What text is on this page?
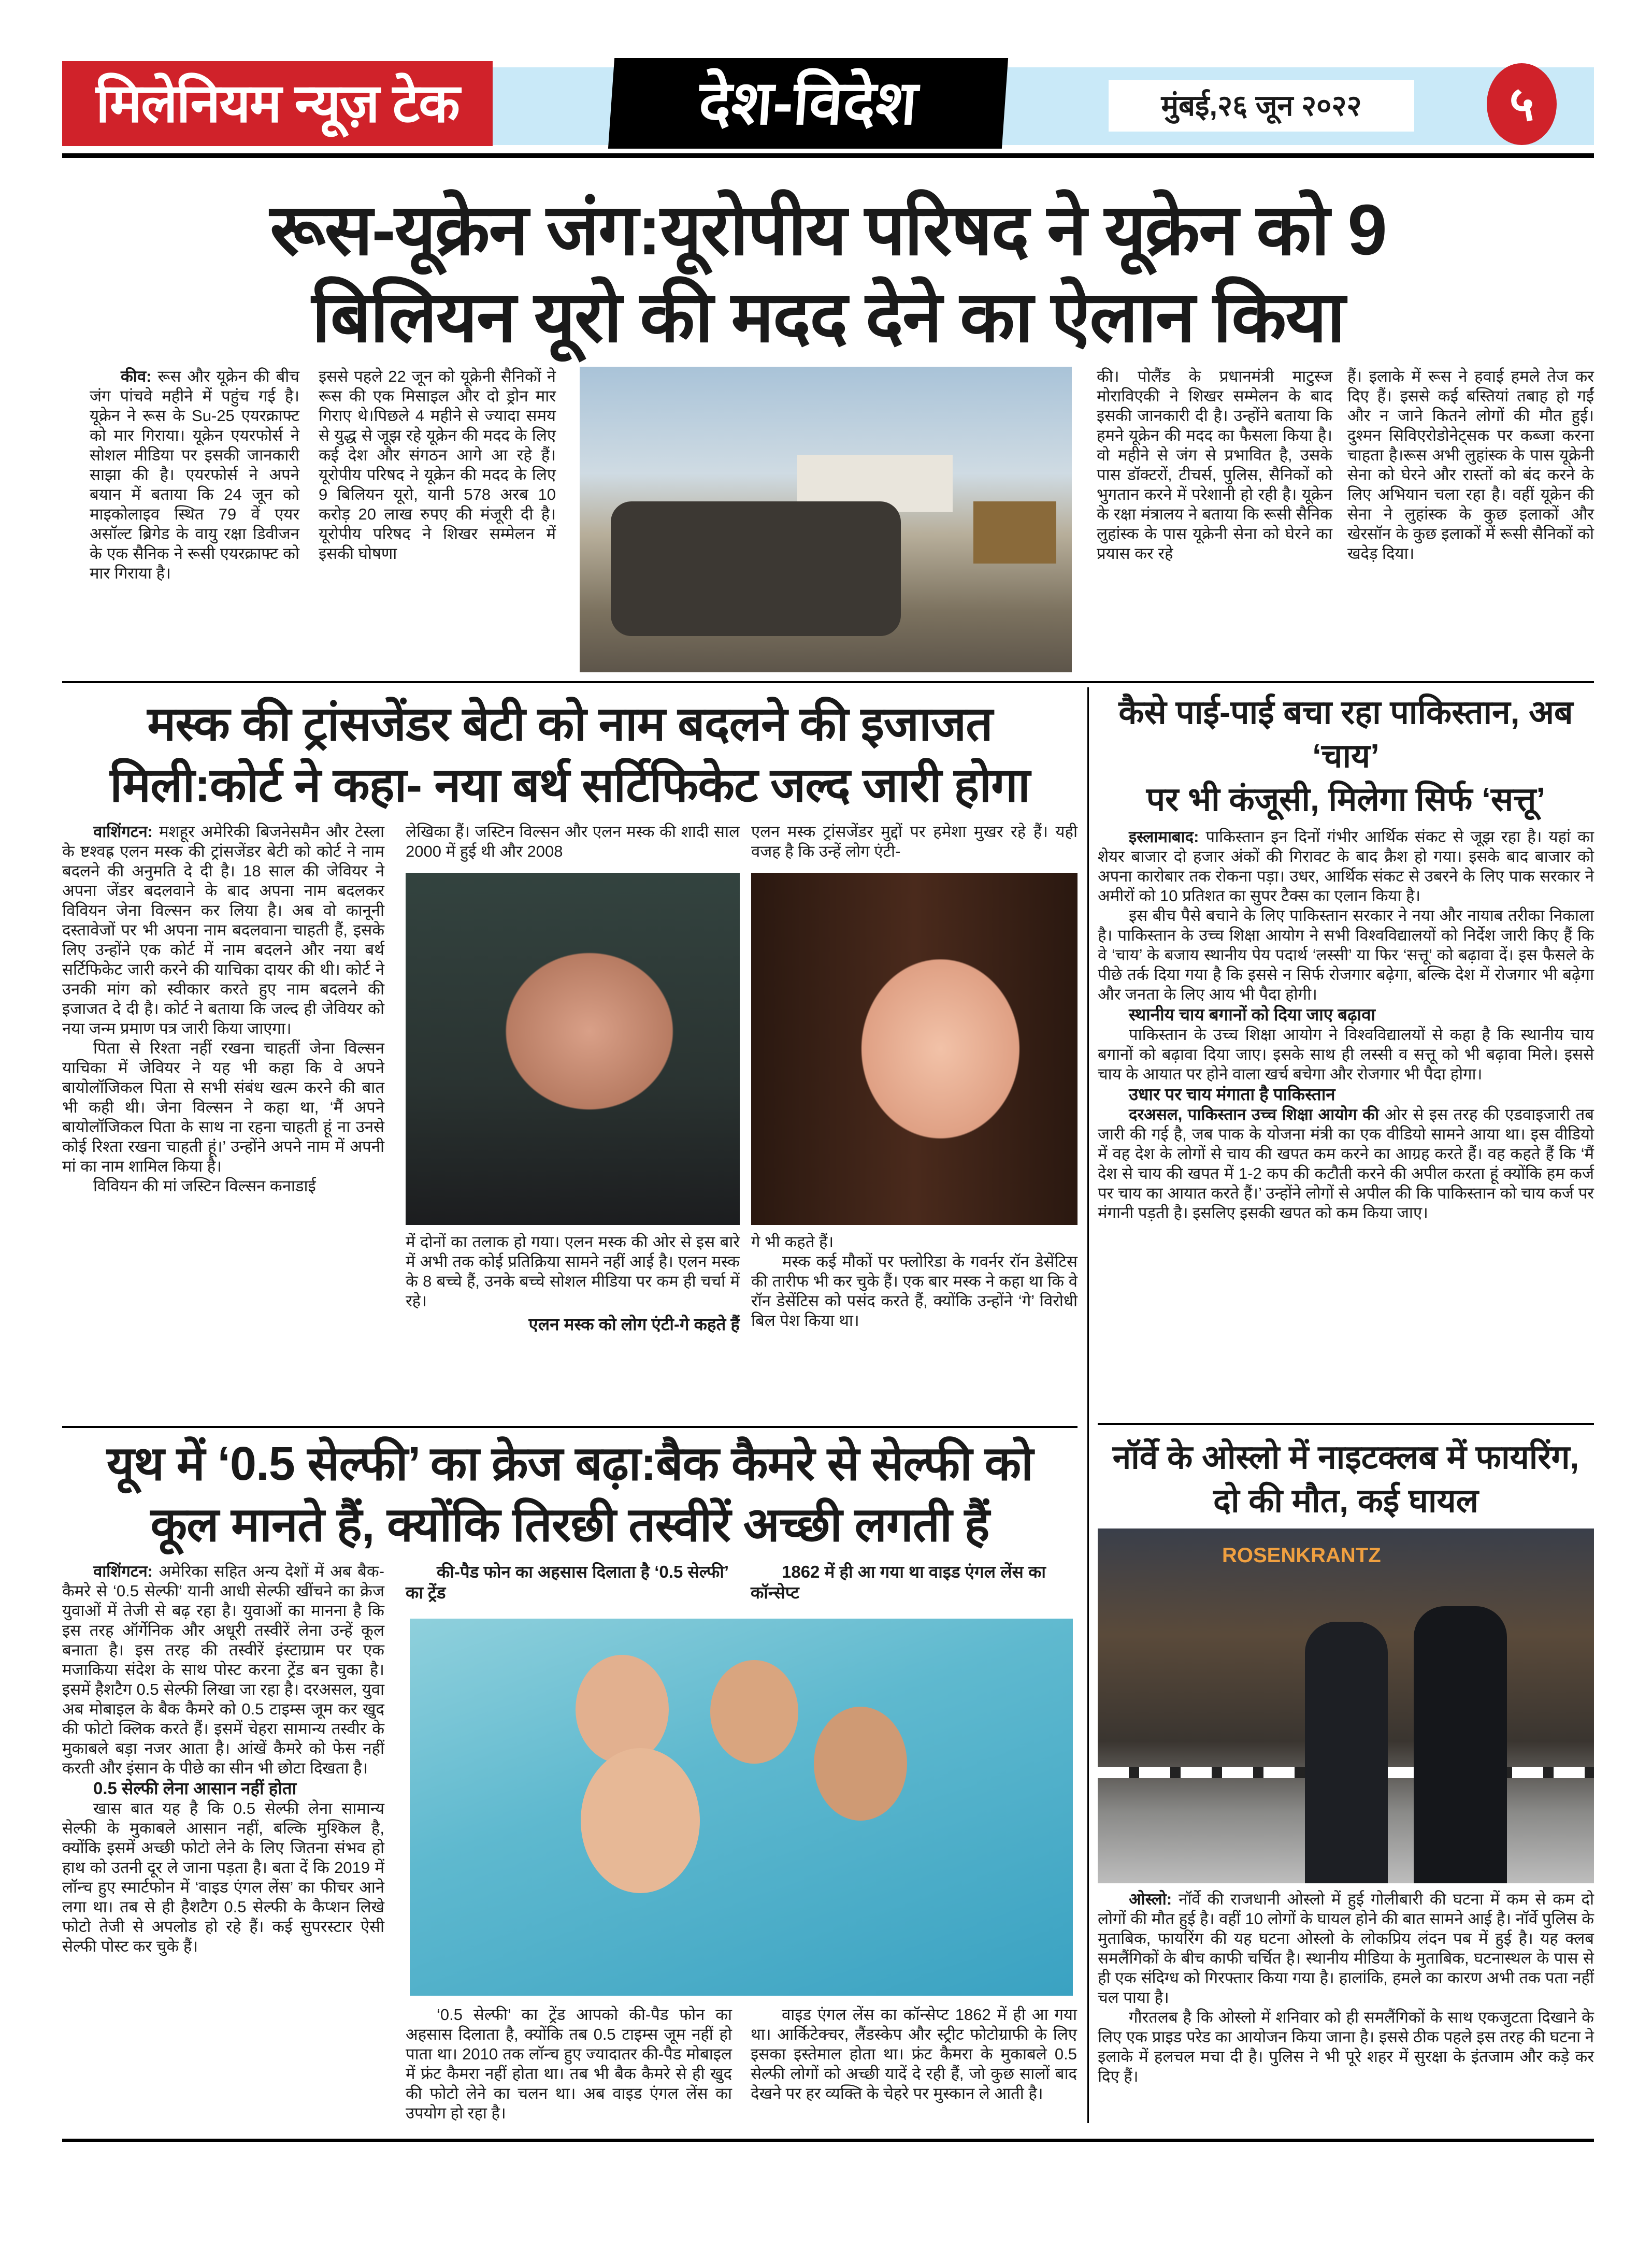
मिलेनियम न्यूज़ टेक	देश-विदेश	मुंबई,२६ जून २०२२	५
रूस-यूक्रेन जंग:यूरोपीय परिषद ने यूक्रेन को 9
बिलियन यूरो की मदद देने का ऐलान किया

कीव: रूस और यूक्रेन की बीच जंग पांचवे महीने में पहुंच गई है। यूक्रेन ने रूस के Su-25 एयरक्राफ्ट को मार गिराया। यूक्रेन एयरफोर्स ने सोशल मीडिया पर इसकी जानकारी साझा की है। एयरफोर्स ने अपने बयान में बताया कि 24 जून को माइकोलाइव स्थित 79 वें एयर असॉल्ट ब्रिगेड के वायु रक्षा डिवीजन के एक सैनिक ने रूसी एयरक्राफ्ट को मार गिराया है।

इससे पहले 22 जून को यूक्रेनी सैनिकों ने रूस की एक मिसाइल और दो ड्रोन मार गिराए थे।पिछले 4 महीने से ज्यादा समय से युद्ध से जूझ रहे यूक्रेन की मदद के लिए कई देश और संगठन आगे आ रहे हैं। यूरोपीय परिषद ने यूक्रेन की मदद के लिए 9 बिलियन यूरो, यानी 578 अरब 10 करोड़ 20 लाख रुपए की मंजूरी दी है। यूरोपीय परिषद ने शिखर सम्मेलन में इसकी घोषणा
की। पोलैंड के प्रधानमंत्री माटुस्ज मोराविएकी ने शिखर सम्मेलन के बाद इसकी जानकारी दी है। उन्होंने बताया कि हमने यूक्रेन की मदद का फैसला किया है। वो महीने से जंग से प्रभावित है, उसके पास डॉक्टरों, टीचर्स, पुलिस, सैनिकों को भुगतान करने में परेशानी हो रही है। यूक्रेन के रक्षा मंत्रालय ने बताया कि रूसी सैनिक लुहांस्क के पास यूक्रेनी सेना को घेरने का प्रयास कर रहे
हैं। इलाके में रूस ने हवाई हमले तेज कर दिए हैं। इससे कई बस्तियां तबाह हो गईं और न जाने कितने लोगों की मौत हुई। दुश्मन सिविएरोडोनेट्सक पर कब्जा करना चाहता है।रूस अभी लुहांस्क के पास यूक्रेनी सेना को घेरने और रास्तों को बंद करने के लिए अभियान चला रहा है। वहीं यूक्रेन की सेना ने लुहांस्क के कुछ इलाकों और खेरसॉन के कुछ इलाकों में रूसी सैनिकों को खदेड़ दिया।
मस्क की ट्रांसजेंडर बेटी को नाम बदलने की इजाजत
मिली:कोर्ट ने कहा- नया बर्थ सर्टिफिकेट जल्द जारी होगा

वाशिंगटन: मशहूर अमेरिकी बिजनेसमैन और टेस्ला के ष्टश्वह्र एलन मस्क की ट्रांसजेंडर बेटी को कोर्ट ने नाम बदलने की अनुमति दे दी है। 18 साल की जेवियर ने अपना जेंडर बदलवाने के बाद अपना नाम बदलकर विवियन जेना विल्सन कर लिया है। अब वो कानूनी दस्तावेजों पर भी अपना नाम बदलवाना चाहती हैं, इसके लिए उन्होंने एक कोर्ट में नाम बदलने और नया बर्थ सर्टिफिकेट जारी करने की याचिका दायर की थी। कोर्ट ने उनकी मांग को स्वीकार करते हुए नाम बदलने की इजाजत दे दी है। कोर्ट ने बताया कि जल्द ही जेवियर को नया जन्म प्रमाण पत्र जारी किया जाएगा।

पिता से रिश्ता नहीं रखना चाहतीं जेना विल्सन याचिका में जेवियर ने यह भी कहा कि वे अपने बायोलॉजिकल पिता से सभी संबंध खत्म करने की बात भी कही थी। जेना विल्सन ने कहा था, ‘मैं अपने बायोलॉजिकल पिता के साथ ना रहना चाहती हूं ना उनसे कोई रिश्ता रखना चाहती हूं।’ उन्होंने अपने नाम में अपनी मां का नाम शामिल किया है।

विवियन की मां जस्टिन विल्सन कनाडाई

लेखिका हैं। जस्टिन विल्सन और एलन मस्क की शादी साल 2000 में हुई थी और 2008

में दोनों का तलाक हो गया। एलन मस्क की ओर से इस बारे में अभी तक कोई प्रतिक्रिया सामने नहीं आई है। एलन मस्क के 8 बच्चे हैं, उनके बच्चे सोशल मीडिया पर कम ही चर्चा में रहे।

एलन मस्क को लोग एंटी-गे कहते हैं

एलन मस्क ट्रांसजेंडर मुद्दों पर हमेशा मुखर रहे हैं। यही वजह है कि उन्हें लोग एंटी-

गे भी कहते हैं।

मस्क कई मौकों पर फ्लोरिडा के गवर्नर रॉन डेसेंटिस की तारीफ भी कर चुके हैं। एक बार मस्क ने कहा था कि वे रॉन डेसेंटिस को पसंद करते हैं, क्योंकि उन्होंने ‘गे’ विरोधी बिल पेश किया था।

यूथ में ‘0.5 सेल्फी’ का क्रेज बढ़ा:बैक कैमरे से सेल्फी को
कूल मानते हैं, क्योंकि तिरछी तस्वीरें अच्छी लगती हैं

वाशिंगटन: अमेरिका सहित अन्य देशों में अब बैक-कैमरे से ‘0.5 सेल्फी’ यानी आधी सेल्फी खींचने का क्रेज युवाओं में तेजी से बढ़ रहा है। युवाओं का मानना है कि इस तरह ऑर्गेनिक और अधूरी तस्वीरें लेना उन्हें कूल बनाता है। इस तरह की तस्वीरें इंस्टाग्राम पर एक मजाकिया संदेश के साथ पोस्ट करना ट्रेंड बन चुका है। इसमें हैशटैग 0.5 सेल्फी लिखा जा रहा है। दरअसल, युवा अब मोबाइल के बैक कैमरे को 0.5 टाइम्स जूम कर खुद की फोटो क्लिक करते हैं। इसमें चेहरा सामान्य तस्वीर के मुकाबले बड़ा नजर आता है। आंखें कैमरे को फेस नहीं करती और इंसान के पीछे का सीन भी छोटा दिखता है।

0.5 सेल्फी लेना आसान नहीं होता

खास बात यह है कि 0.5 सेल्फी लेना सामान्य सेल्फी के मुकाबले आसान नहीं, बल्कि मुश्किल है, क्योंकि इसमें अच्छी फोटो लेने के लिए जितना संभव हो हाथ को उतनी दूर ले जाना पड़ता है। बता दें कि 2019 में लॉन्च हुए स्मार्टफोन में ‘वाइड एंगल लेंस’ का फीचर आने लगा था। तब से ही हैशटैग 0.5 सेल्फी के कैप्शन लिखे फोटो तेजी से अपलोड हो रहे हैं। कई सुपरस्टार ऐसी सेल्फी पोस्ट कर चुके हैं।

की-पैड फोन का अहसास दिलाता है ‘0.5 सेल्फी’ का ट्रेंड
1862 में ही आ गया था वाइड एंगल लेंस का कॉन्सेप्ट

‘0.5 सेल्फी’ का ट्रेंड आपको की-पैड फोन का अहसास दिलाता है, क्योंकि तब 0.5 टाइम्स जूम नहीं हो पाता था। 2010 तक लॉन्च हुए ज्यादातर की-पैड मोबाइल में फ्रंट कैमरा नहीं होता था। तब भी बैक कैमरे से ही खुद की फोटो लेने का चलन था। अब वाइड एंगल लेंस का उपयोग हो रहा है।

वाइड एंगल लेंस का कॉन्सेप्ट 1862 में ही आ गया था। आर्किटेक्चर, लैंडस्केप और स्ट्रीट फोटोग्राफी के लिए इसका इस्तेमाल होता था। फ्रंट कैमरा के मुकाबले 0.5 सेल्फी लोगों को अच्छी यादें दे रही हैं, जो कुछ सालों बाद देखने पर हर व्यक्ति के चेहरे पर मुस्कान ले आती है।

कैसे पाई-पाई बचा रहा पाकिस्तान, अब ‘चाय’
पर भी कंजूसी, मिलेगा सिर्फ ‘सत्तू’

इस्लामाबाद: पाकिस्तान इन दिनों गंभीर आर्थिक संकट से जूझ रहा है। यहां का शेयर बाजार दो हजार अंकों की गिरावट के बाद क्रैश हो गया। इसके बाद बाजार को अपना कारोबार तक रोकना पड़ा। उधर, आर्थिक संकट से उबरने के लिए पाक सरकार ने अमीरों को 10 प्रतिशत का सुपर टैक्स का एलान किया है।

इस बीच पैसे बचाने के लिए पाकिस्तान सरकार ने नया और नायाब तरीका निकाला है। पाकिस्तान के उच्च शिक्षा आयोग ने सभी विश्वविद्यालयों को निर्देश जारी किए हैं कि वे ‘चाय’ के बजाय स्थानीय पेय पदार्थ ‘लस्सी’ या फिर ‘सत्तू’ को बढ़ावा दें। इस फैसले के पीछे तर्क दिया गया है कि इससे न सिर्फ रोजगार बढ़ेगा, बल्कि देश में रोजगार भी बढ़ेगा और जनता के लिए आय भी पैदा होगी।

स्थानीय चाय बगानों को दिया जाए बढ़ावा

पाकिस्तान के उच्च शिक्षा आयोग ने विश्वविद्यालयों से कहा है कि स्थानीय चाय बगानों को बढ़ावा दिया जाए। इसके साथ ही लस्सी व सत्तू को भी बढ़ावा मिले। इससे चाय के आयात पर होने वाला खर्च बचेगा और रोजगार भी पैदा होगा।

उधार पर चाय मंगाता है पाकिस्तान

दरअसल, पाकिस्तान उच्च शिक्षा आयोग की ओर से इस तरह की एडवाइजारी तब जारी की गई है, जब पाक के योजना मंत्री का एक वीडियो सामने आया था। इस वीडियो में वह देश के लोगों से चाय की खपत कम करने का आग्रह करते हैं। वह कहते हैं कि ‘मैं देश से चाय की खपत में 1-2 कप की कटौती करने की अपील करता हूं क्योंकि हम कर्ज पर चाय का आयात करते हैं।’ उन्होंने लोगों से अपील की कि पाकिस्तान को चाय कर्ज पर मंगानी पड़ती है। इसलिए इसकी खपत को कम किया जाए।

नॉर्वे के ओस्लो में नाइटक्लब में फायरिंग,
दो की मौत, कई घायल
ROSENKRANTZ

ओस्लो: नॉर्वे की राजधानी ओस्लो में हुई गोलीबारी की घटना में कम से कम दो लोगों की मौत हुई है। वहीं 10 लोगों के घायल होने की बात सामने आई है। नॉर्वे पुलिस के मुताबिक, फायरिंग की यह घटना ओस्लो के लोकप्रिय लंदन पब में हुई है। यह क्लब समलैंगिकों के बीच काफी चर्चित है। स्थानीय मीडिया के मुताबिक, घटनास्थल के पास से ही एक संदिग्ध को गिरफ्तार किया गया है। हालांकि, हमले का कारण अभी तक पता नहीं चल पाया है।

गौरतलब है कि ओस्लो में शनिवार को ही समलैंगिकों के साथ एकजुटता दिखाने के लिए एक प्राइड परेड का आयोजन किया जाना है। इससे ठीक पहले इस तरह की घटना ने इलाके में हलचल मचा दी है। पुलिस ने भी पूरे शहर में सुरक्षा के इंतजाम और कड़े कर दिए हैं।
